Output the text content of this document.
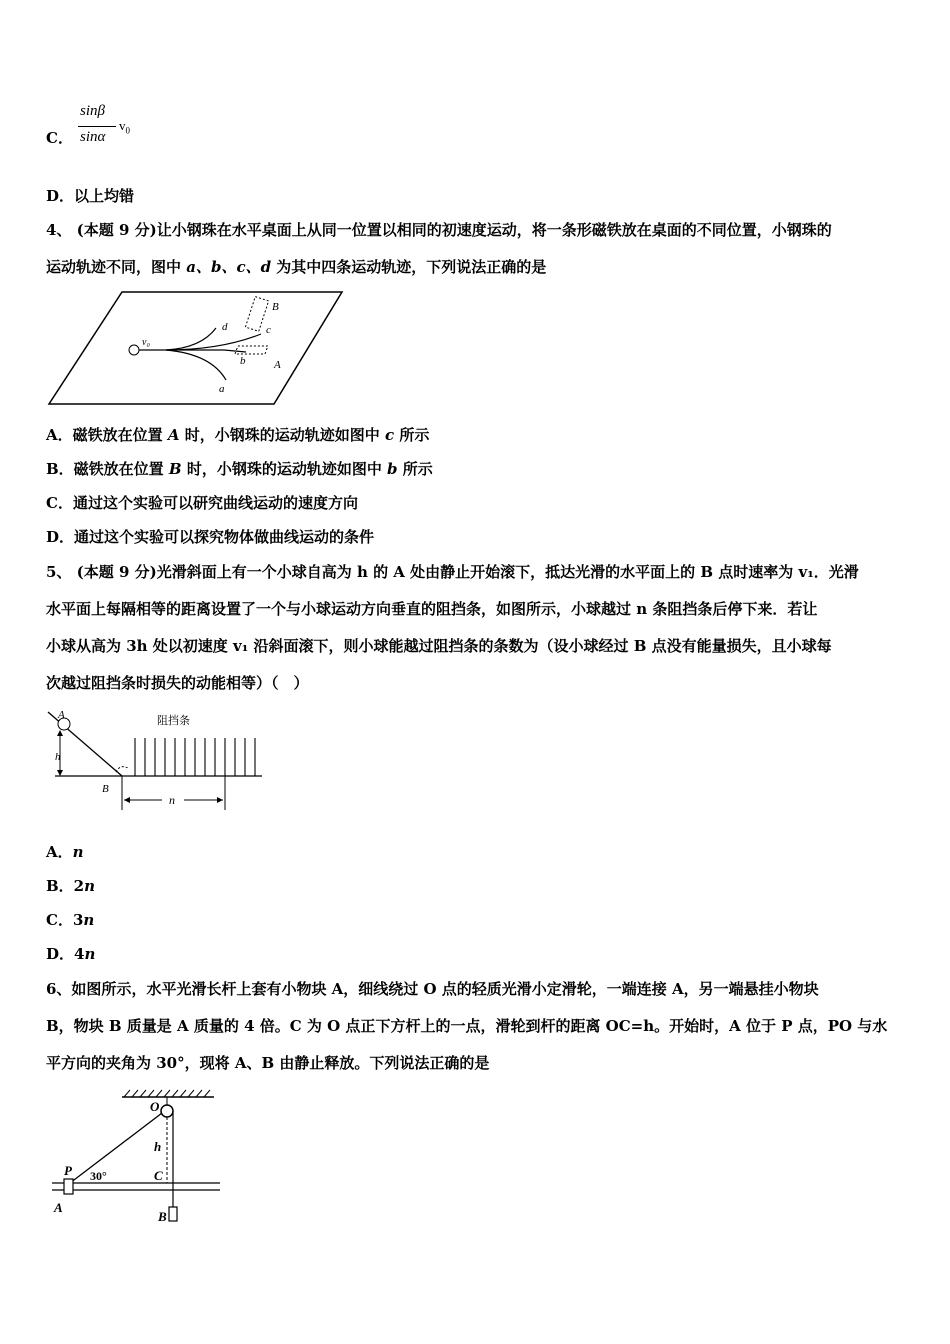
C．
sinβ
sinα
$v_0$
D．以上均错
4、 (本题 9 分)让小钢珠在水平桌面上从同一位置以相同的初速度运动，将一条形磁铁放在桌面的不同位置，小钢珠的
运动轨迹不同，图中 a、b、c、d 为其中四条运动轨迹，下列说法正确的是
v₀
d	c
b
a
B
A
A．磁铁放在位置 A 时，小钢珠的运动轨迹如图中 c 所示
B．磁铁放在位置 B 时，小钢珠的运动轨迹如图中 b 所示
C．通过这个实验可以研究曲线运动的速度方向
D．通过这个实验可以探究物体做曲线运动的条件
5、 (本题 9 分)光滑斜面上有一个小球自高为 h 的 A 处由静止开始滚下，抵达光滑的水平面上的 B 点时速率为 v₁．光滑
水平面上每隔相等的距离设置了一个与小球运动方向垂直的阻挡条，如图所示，小球越过 n 条阻挡条后停下来．若让
小球从高为 3h 处以初速度 v₁ 沿斜面滚下，则小球能越过阻挡条的条数为（设小球经过 B 点没有能量损失，且小球每
次越过阻挡条时损失的动能相等）（　）
A
h
B
n
阻挡条
A．n
B．2n
C．3n
D．4n
6、如图所示，水平光滑长杆上套有小物块 A，细线绕过 O 点的轻质光滑小定滑轮，一端连接 A，另一端悬挂小物块
B，物块 B 质量是 A 质量的 4 倍。C 为 O 点正下方杆上的一点，滑轮到杆的距离 OC=h。开始时，A 位于 P 点，PO 与水
平方向的夹角为 30°，现将 A、B 由静止释放。下列说法正确的是
O
h
P 30°	C
A
B
